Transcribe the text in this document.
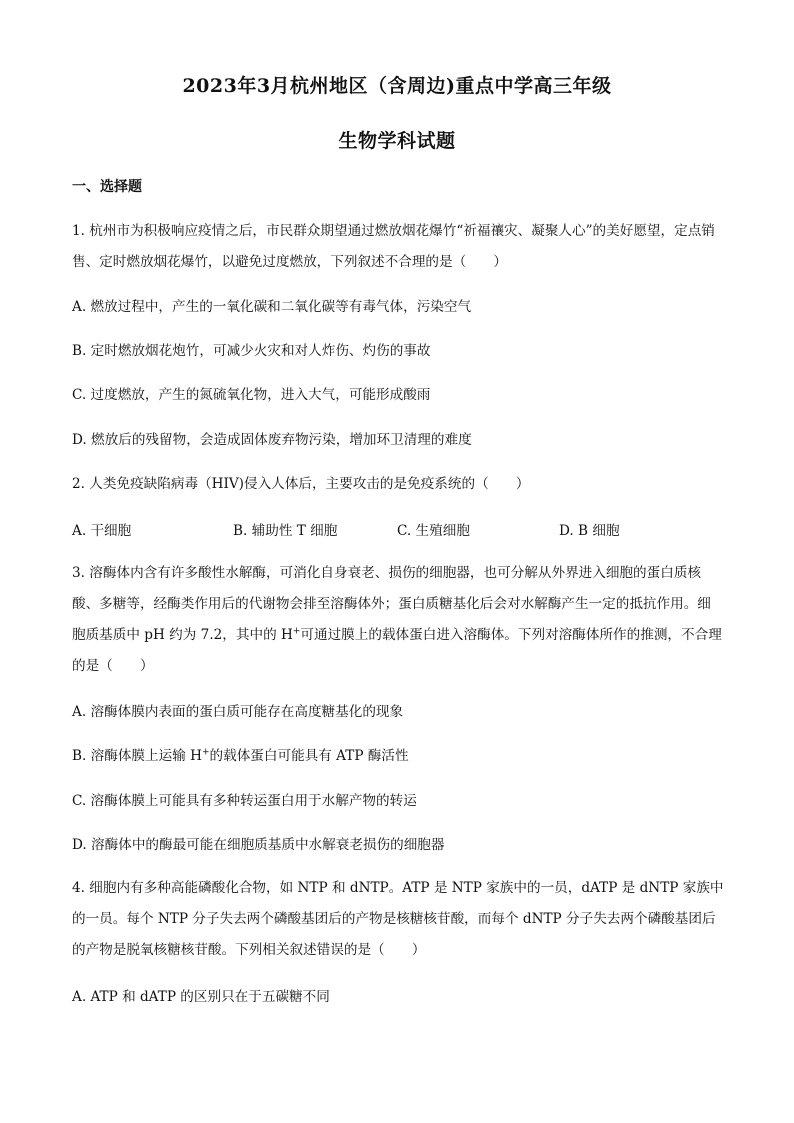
2023年3月杭州地区（含周边)重点中学高三年级
生物学科试题
一、选择题
1. 杭州市为积极响应疫情之后，市民群众期望通过燃放烟花爆竹“祈福禳灾、凝聚人心”的美好愿望，定点销售、定时燃放烟花爆竹，以避免过度燃放，下列叙述不合理的是（　　）
A. 燃放过程中，产生的一氧化碳和二氧化碳等有毒气体，污染空气
B. 定时燃放烟花炮竹，可减少火灾和对人炸伤、灼伤的事故
C. 过度燃放，产生的氮硫氧化物，进入大气，可能形成酸雨
D. 燃放后的残留物，会造成固体废弃物污染，增加环卫清理的难度
2. 人类免疫缺陷病毒（HIV)侵入人体后，主要攻击的是免疫系统的（　　）
A. 干细胞	B. 辅助性 T 细胞	C. 生殖细胞	D. B 细胞
3. 溶酶体内含有许多酸性水解酶，可消化自身衰老、损伤的细胞器，也可分解从外界进入细胞的蛋白质核酸、多糖等，经酶类作用后的代谢物会排至溶酶体外；蛋白质糖基化后会对水解酶产生一定的抵抗作用。细胞质基质中 pH 约为 7.2，其中的 H+可通过膜上的载体蛋白进入溶酶体。下列对溶酶体所作的推测，不合理的是（　　）
A. 溶酶体膜内表面的蛋白质可能存在高度糖基化的现象
B. 溶酶体膜上运输 H+的载体蛋白可能具有 ATP 酶活性
C. 溶酶体膜上可能具有多种转运蛋白用于水解产物的转运
D. 溶酶体中的酶最可能在细胞质基质中水解衰老损伤的细胞器
4. 细胞内有多种高能磷酸化合物，如 NTP 和 dNTP。ATP 是 NTP 家族中的一员，dATP 是 dNTP 家族中的一员。每个 NTP 分子失去两个磷酸基团后的产物是核糖核苷酸，而每个 dNTP 分子失去两个磷酸基团后的产物是脱氧核糖核苷酸。下列相关叙述错误的是（　　）
A. ATP 和 dATP 的区别只在于五碳糖不同
